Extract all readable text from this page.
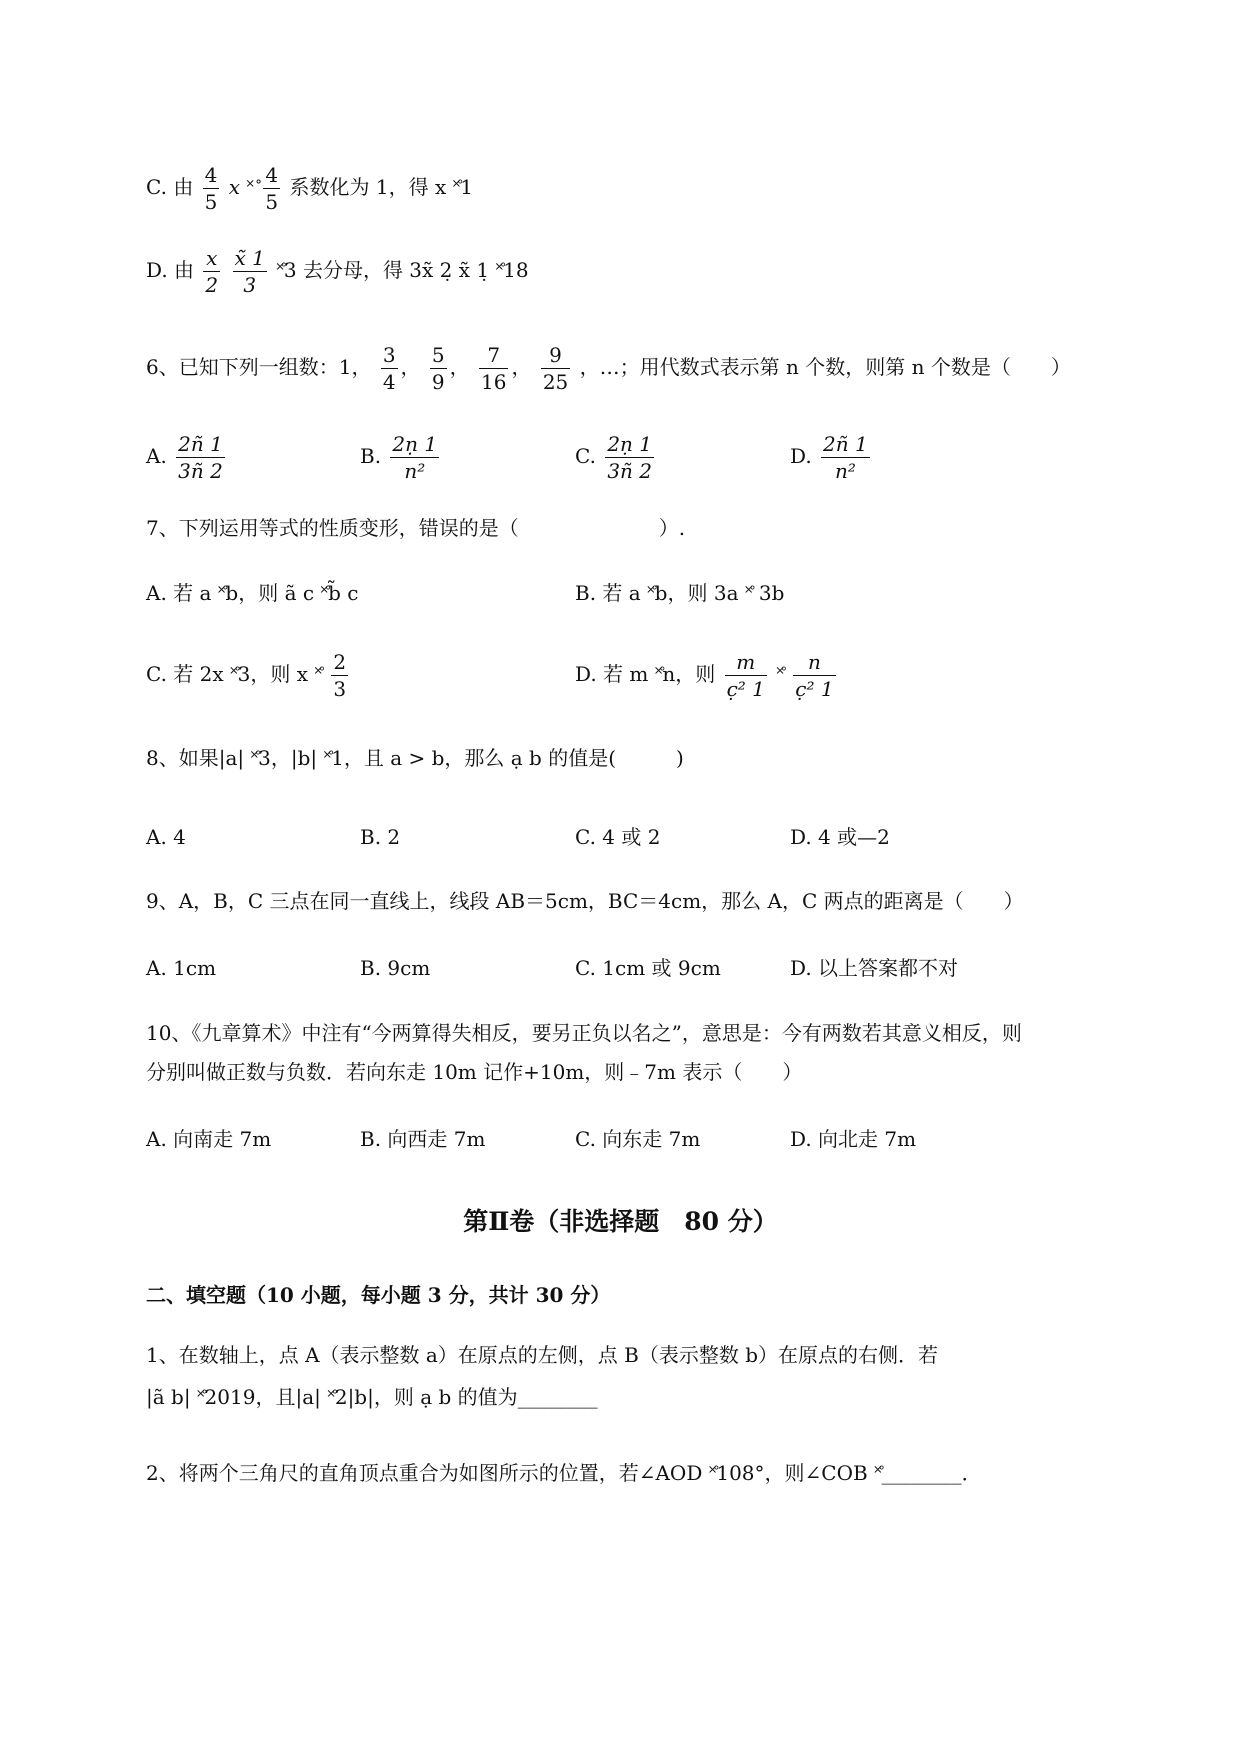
C. 由 $\frac{4}{5}$ x ˟̊̊ $\frac{4}{5}$ 系数化为 1，得 x ˟̊1
D. 由 $\frac{x}{2}$
$\frac{x̃ 1}{3}$ ˟̊3 去分母，得 3x̃ 2̣ x̃ 1̣ ˟̊18
6、已知下列一组数：1， $\frac{3}{4}$ ， $\frac{5}{9}$ ， $\frac{7}{16}$ ， $\frac{9}{25}$ ，…；用代数式表示第 n 个数，则第 n 个数是（　　）
A. $\frac{2ñ 1}{3ñ 2}$	B. $\frac{\text{2ṇ 1}}{\text{n²}}$	C. $\frac{\text{2ṇ 1}}{3ñ 2}$	D. $\frac{2ñ 1}{\text{n²}}$
7、下列运用等式的性质变形，错误的是（　　　　　　　）.
A. 若 a ˟̊b，则 ã c ˟̊b̃ c	B. 若 a ˟̊b，则 3a ˟̊ 3b
C. 若 2x ˟̊3，则 x ˟̊ $\frac{2}{3}$	D. 若 m ˟̊n，则 $\frac{m}{\text{c̣² 1}}$ ˟̊ $\frac{n}{\text{c̣² 1}}$
8、如果|a| ˟̊3，|b| ˟̊1，且 a > b，那么 ạ b 的值是(　　　)
A. 4	B. 2	C. 4 或 2	D. 4 或—2
9、A，B，C 三点在同一直线上，线段 AB＝5cm，BC＝4cm，那么 A，C 两点的距离是（　　）
A. 1cm	B. 9cm	C. 1cm 或 9cm	D. 以上答案都不对
10、《九章算术》中注有“今两算得失相反，要另正负以名之”，意思是：今有两数若其意义相反，则
分别叫做正数与负数．若向东走 10m 记作+10m，则﹣7m 表示（　　）
A. 向南走 7m	B. 向西走 7m	C. 向东走 7m	D. 向北走 7m
第Ⅱ卷（非选择题　80 分）
二、填空题（10 小题，每小题 3 分，共计 30 分）
1、在数轴上，点 A（表示整数 a）在原点的左侧，点 B（表示整数 b）在原点的右侧．若
|ã b| ˟̊2019，且|a| ˟̊2|b|，则 ạ b 的值为________
2、将两个三角尺的直角顶点重合为如图所示的位置，若∠AOD ˟̊108°，则∠COB ˟̊________．
